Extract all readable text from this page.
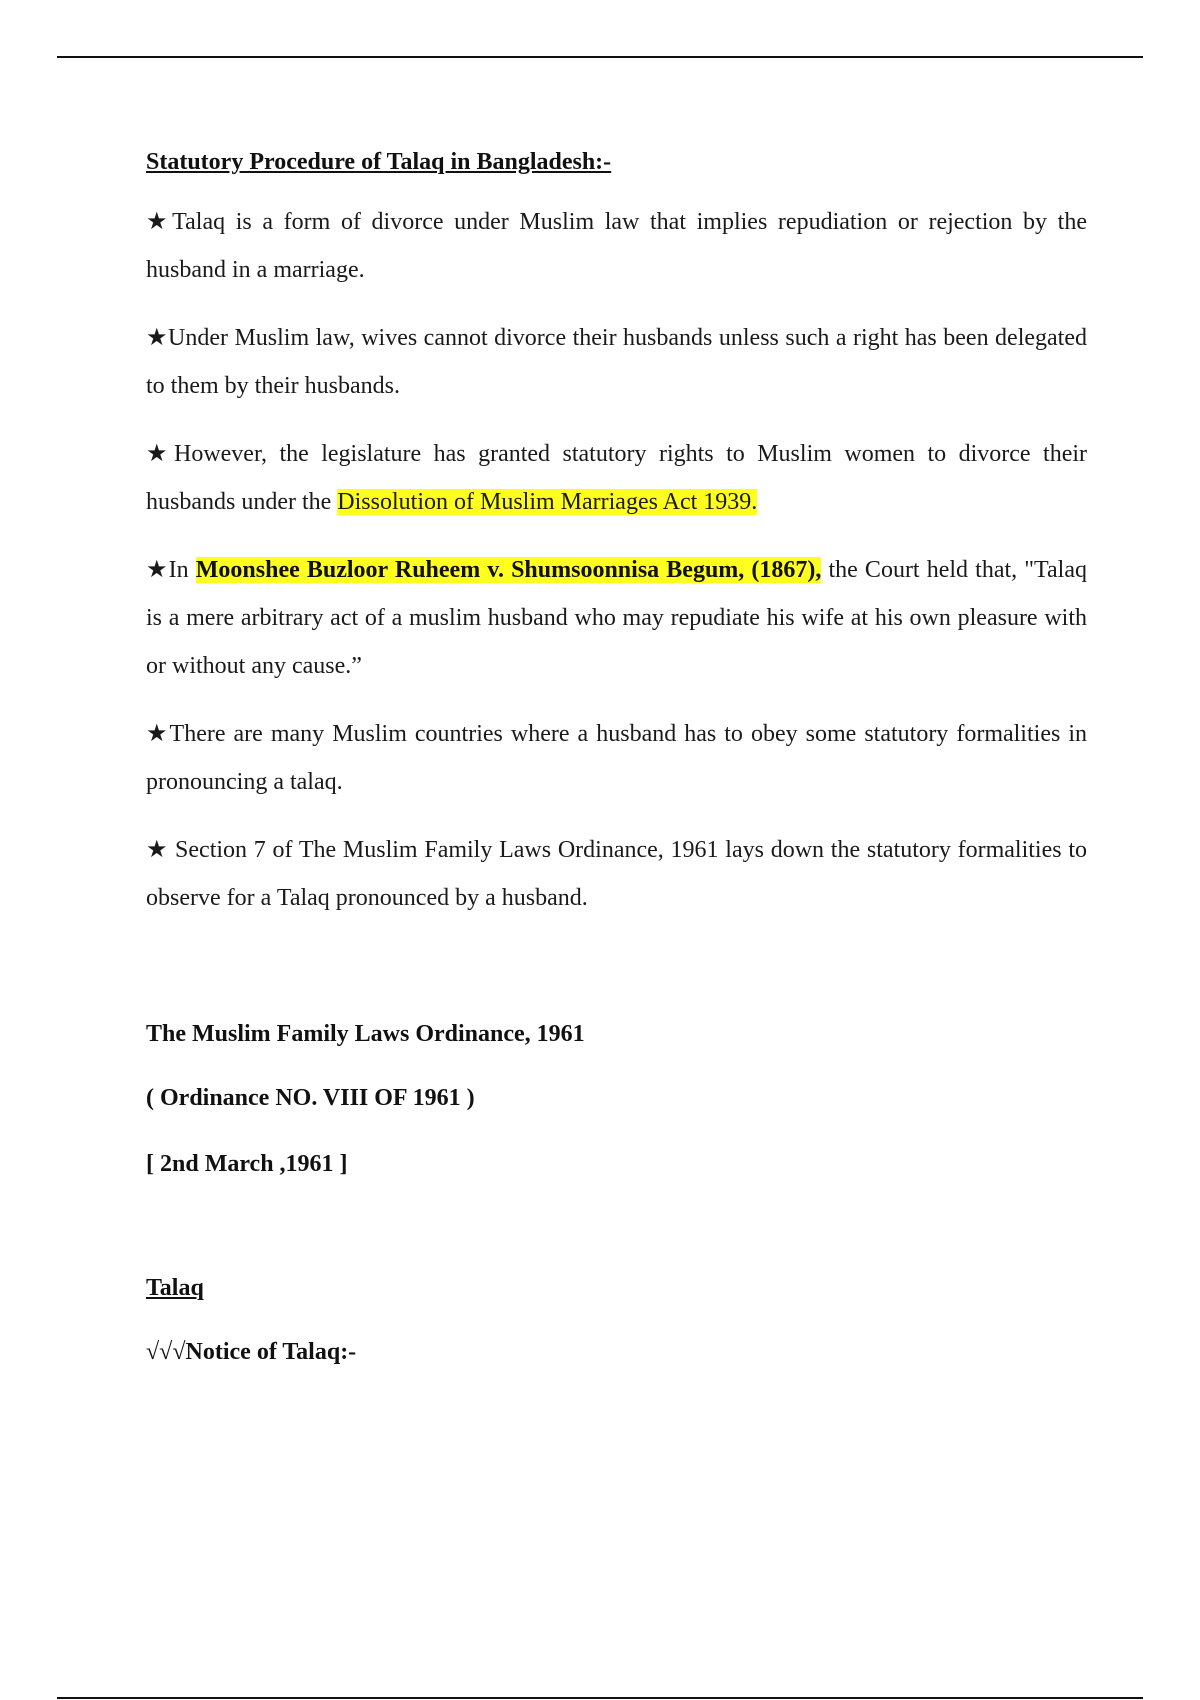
Statutory Procedure of Talaq in Bangladesh:-

★Talaq is a form of divorce under Muslim law that implies repudiation or rejection by the husband in a marriage.

★Under Muslim law, wives cannot divorce their husbands unless such a right has been delegated to them by their husbands.

★However, the legislature has granted statutory rights to Muslim women to divorce their husbands under the Dissolution of Muslim Marriages Act 1939.

★In Moonshee Buzloor Ruheem v. Shumsoonnisa Begum, (1867), the Court held that, "Talaq is a mere arbitrary act of a muslim husband who may repudiate his wife at his own pleasure with or without any cause.”

★There are many Muslim countries where a husband has to obey some statutory formalities in pronouncing a talaq.

★ Section 7 of The Muslim Family Laws Ordinance, 1961 lays down the statutory formalities to observe for a Talaq pronounced by a husband.

The Muslim Family Laws Ordinance, 1961

( Ordinance NO. VIII OF 1961 )

[ 2nd March ,1961 ]

Talaq

√√√Notice of Talaq:-
